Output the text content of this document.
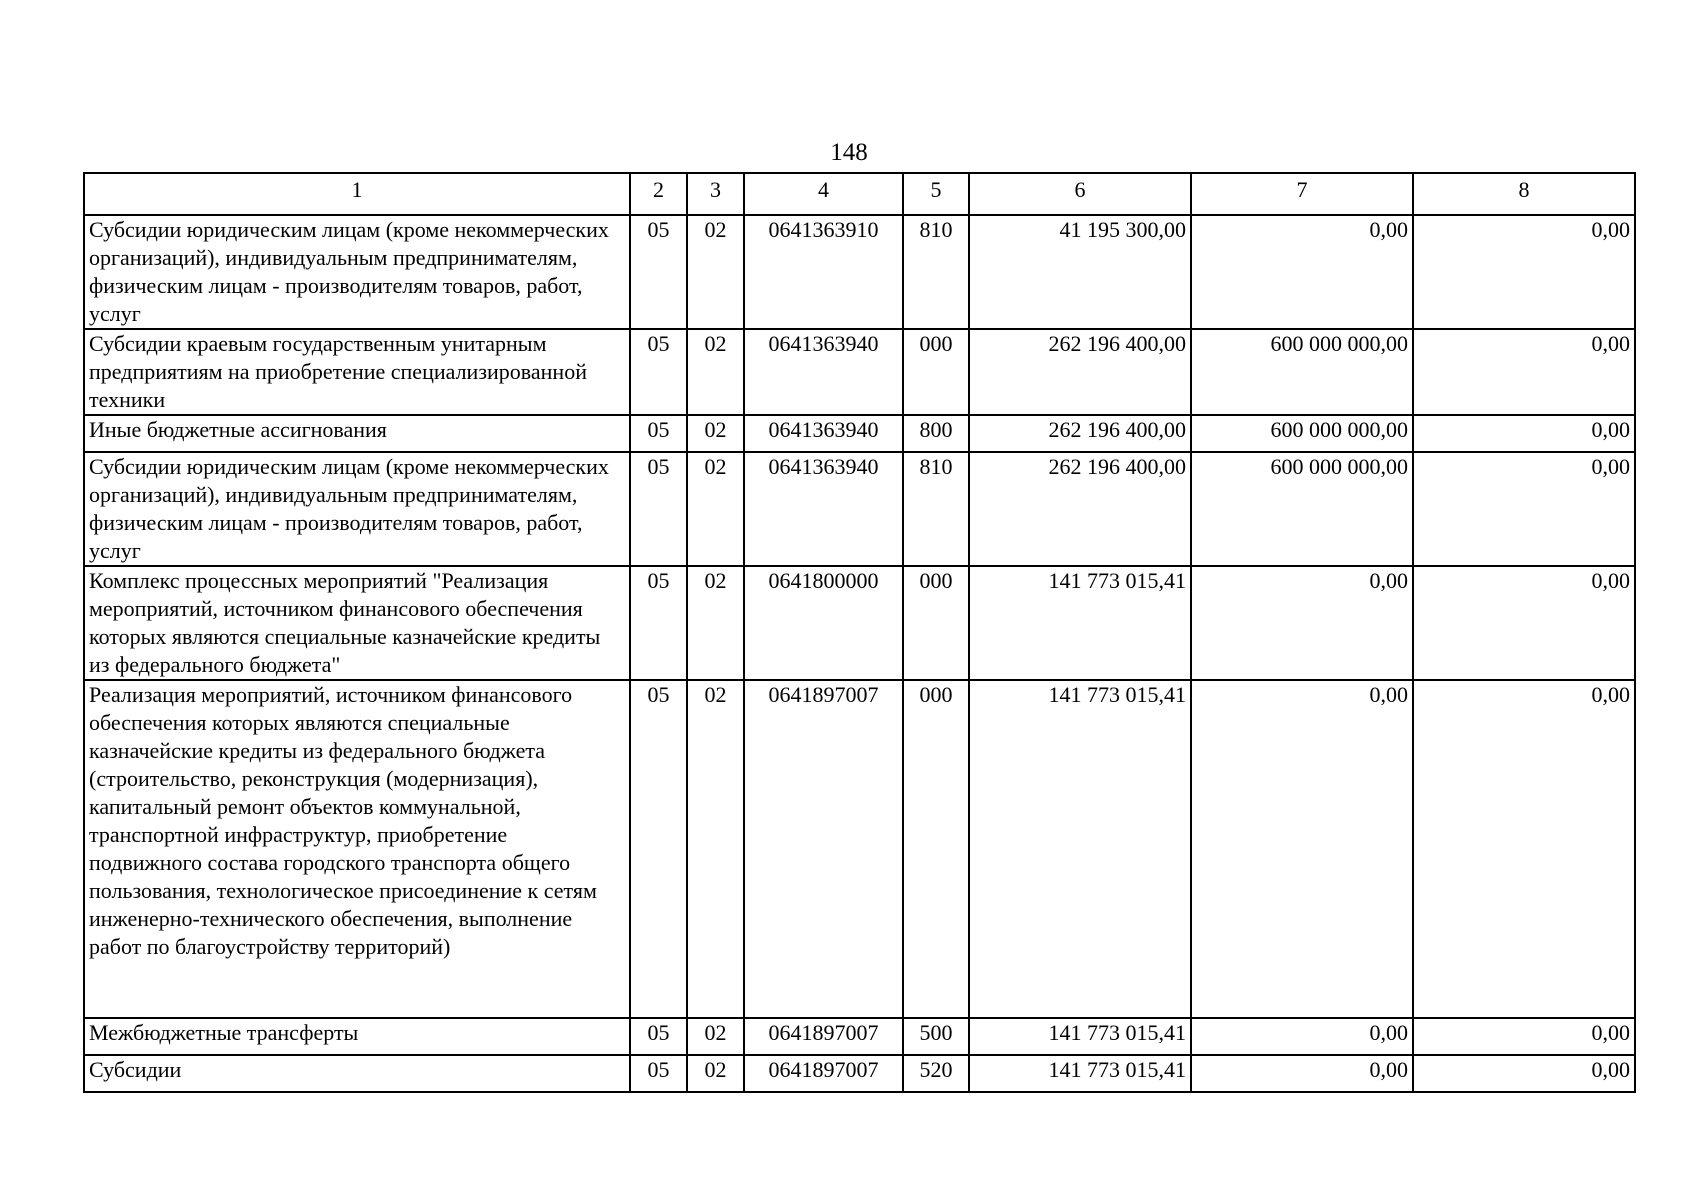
148
1	2	3	4	5	6	7	8
Субсидии юридическим лицам (кроме некоммерческих организаций), индивидуальным предпринимателям, физическим лицам - производителям товаров, работ, услуг	05	02	0641363910	810	41 195 300,00	0,00	0,00
Субсидии краевым государственным унитарным предприятиям на приобретение специализированной техники	05	02	0641363940	000	262 196 400,00	600 000 000,00	0,00
Иные бюджетные ассигнования	05	02	0641363940	800	262 196 400,00	600 000 000,00	0,00
Субсидии юридическим лицам (кроме некоммерческих организаций), индивидуальным предпринимателям, физическим лицам - производителям товаров, работ, услуг	05	02	0641363940	810	262 196 400,00	600 000 000,00	0,00
Комплекс процессных мероприятий "Реализация мероприятий, источником финансового обеспечения которых являются специальные казначейские кредиты из федерального бюджета"	05	02	0641800000	000	141 773 015,41	0,00	0,00
Реализация мероприятий, источником финансового обеспечения которых являются специальные казначейские кредиты из федерального бюджета (строительство, реконструкция (модернизация), капитальный ремонт объектов коммунальной, транспортной инфраструктур, приобретение подвижного состава городского транспорта общего пользования, технологическое присоединение к сетям инженерно-технического обеспечения, выполнение работ по благоустройству территорий)	05	02	0641897007	000	141 773 015,41	0,00	0,00
Межбюджетные трансферты	05	02	0641897007	500	141 773 015,41	0,00	0,00
Субсидии	05	02	0641897007	520	141 773 015,41	0,00	0,00
